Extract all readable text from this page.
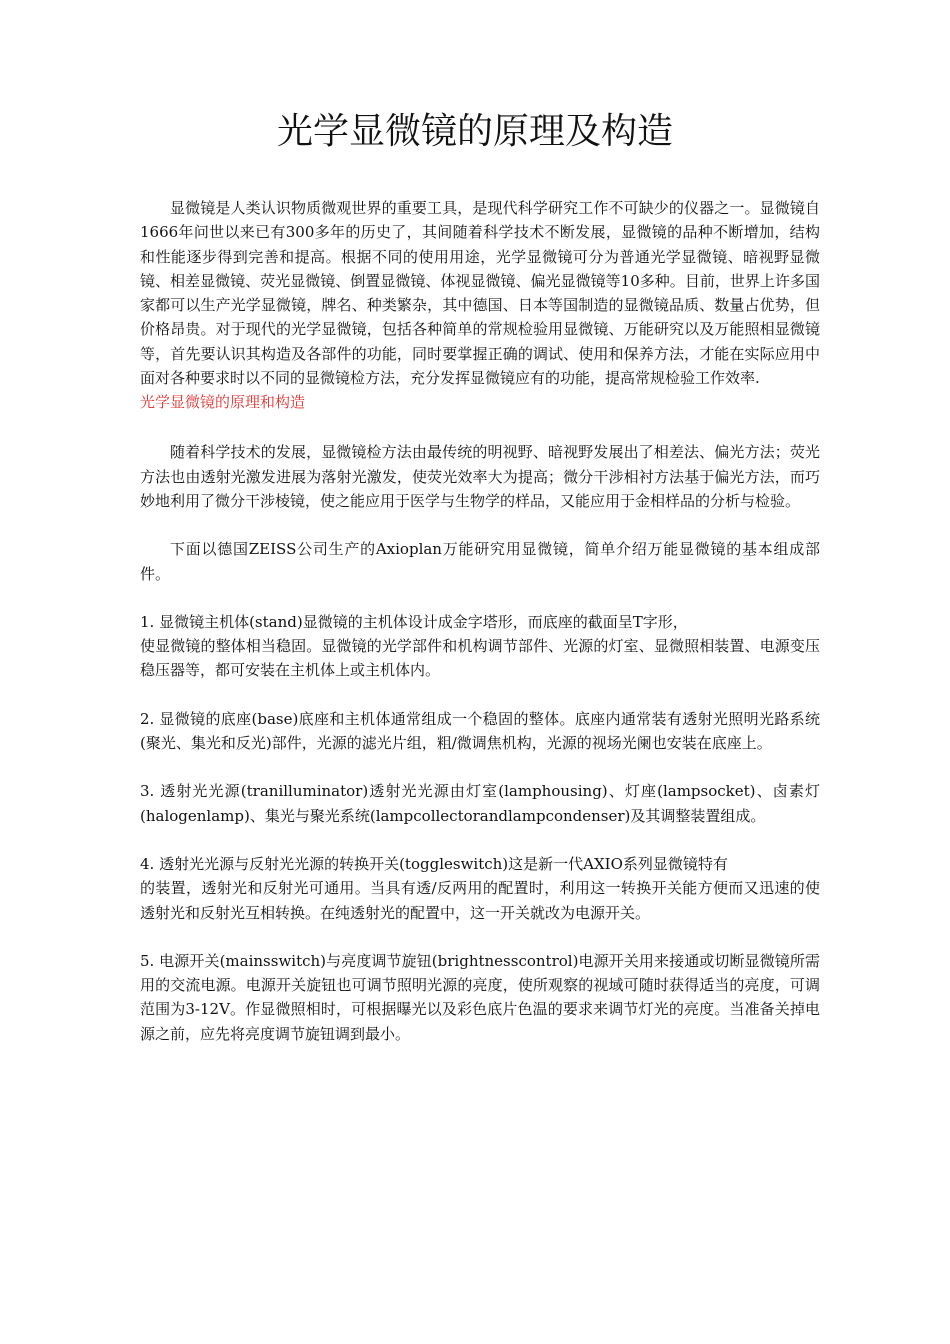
光学显微镜的原理及构造

显微镜是人类认识物质微观世界的重要工具，是现代科学研究工作不可缺少的仪器之一。显微镜自1666年问世以来已有300多年的历史了，其间随着科学技术不断发展，显微镜的品种不断增加，结构和性能逐步得到完善和提高。根据不同的使用用途，光学显微镜可分为普通光学显微镜、暗视野显微镜、相差显微镜、荧光显微镜、倒置显微镜、体视显微镜、偏光显微镜等10多种。目前，世界上许多国家都可以生产光学显微镜，牌名、种类繁杂，其中德国、日本等国制造的显微镜品质、数量占优势，但价格昂贵。对于现代的光学显微镜，包括各种简单的常规检验用显微镜、万能研究以及万能照相显微镜等，首先要认识其构造及各部件的功能，同时要掌握正确的调试、使用和保养方法，才能在实际应用中面对各种要求时以不同的显微镜检方法，充分发挥显微镜应有的功能，提高常规检验工作效率.

光学显微镜的原理和构造

随着科学技术的发展，显微镜检方法由最传统的明视野、暗视野发展出了相差法、偏光方法；荧光方法也由透射光激发进展为落射光激发，使荧光效率大为提高；微分干涉相衬方法基于偏光方法，而巧妙地利用了微分干涉棱镜，使之能应用于医学与生物学的样品，又能应用于金相样品的分析与检验。

下面以德国ZEISS公司生产的Axioplan万能研究用显微镜，简单介绍万能显微镜的基本组成部件。

1. 显微镜主机体(stand)显微镜的主机体设计成金字塔形，而底座的截面呈T字形，
使显微镜的整体相当稳固。显微镜的光学部件和机构调节部件、光源的灯室、显微照相装置、电源变压稳压器等，都可安装在主机体上或主机体内。

2. 显微镜的底座(base)底座和主机体通常组成一个稳固的整体。底座内通常装有透射光照明光路系统(聚光、集光和反光)部件，光源的滤光片组，粗/微调焦机构，光源的视场光阑也安装在底座上。

3. 透射光光源(tranilluminator)透射光光源由灯室(lamphousing)、灯座(lampsocket)、卤素灯(halogenlamp)、集光与聚光系统(lampcollectorandlampcondenser)及其调整装置组成。

4. 透射光光源与反射光光源的转换开关(toggleswitch)这是新一代AXIO系列显微镜特有
的装置，透射光和反射光可通用。当具有透/反两用的配置时，利用这一转换开关能方便而又迅速的使透射光和反射光互相转换。在纯透射光的配置中，这一开关就改为电源开关。

5. 电源开关(mainsswitch)与亮度调节旋钮(brightnesscontrol)电源开关用来接通或切断显微镜所需用的交流电源。电源开关旋钮也可调节照明光源的亮度，使所观察的视域可随时获得适当的亮度，可调范围为3-12V。作显微照相时，可根据曝光以及彩色底片色温的要求来调节灯光的亮度。当准备关掉电源之前，应先将亮度调节旋钮调到最小。
